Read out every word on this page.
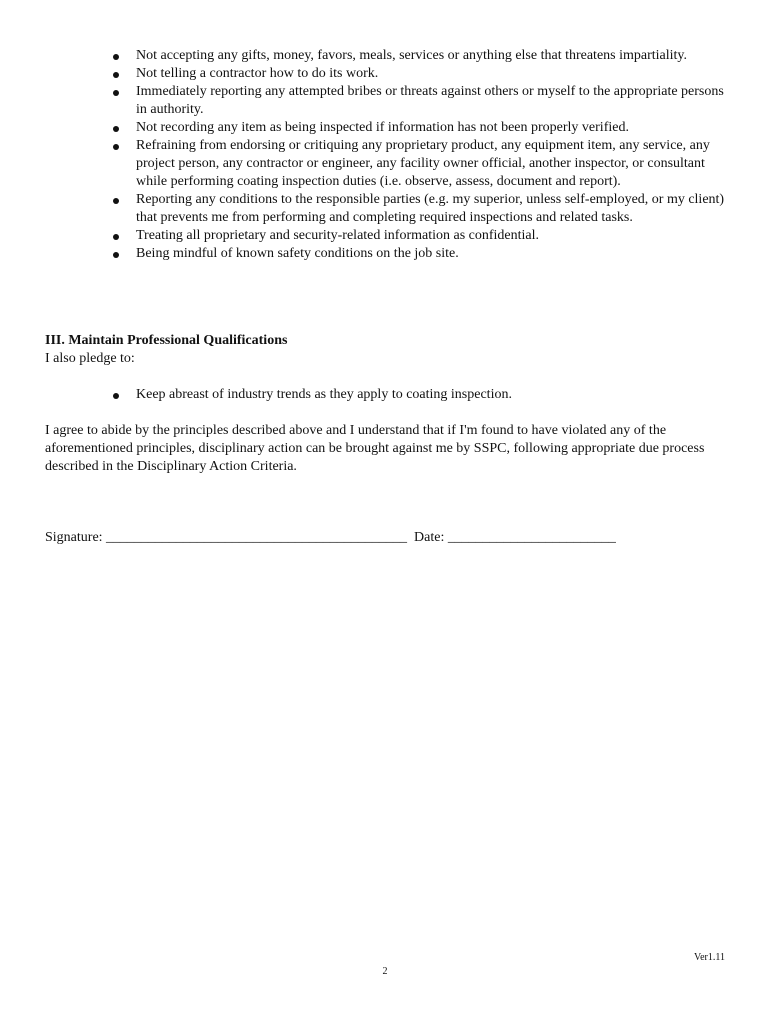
Not accepting any gifts, money, favors, meals, services or anything else that threatens impartiality.
Not telling a contractor how to do its work.
Immediately reporting any attempted bribes or threats against others or myself to the appropriate persons in authority.
Not recording any item as being inspected if information has not been properly verified.
Refraining from endorsing or critiquing any proprietary product, any equipment item, any service, any project person, any contractor or engineer, any facility owner official, another inspector, or consultant while performing coating inspection duties (i.e. observe, assess, document and report).
Reporting any conditions to the responsible parties (e.g. my superior, unless self-employed, or my client) that prevents me from performing and completing required inspections and related tasks.
Treating all proprietary and security-related information as confidential.
Being mindful of known safety conditions on the job site.
III. Maintain Professional Qualifications
I also pledge to:
Keep abreast of industry trends as they apply to coating inspection.
I agree to abide by the principles described above and I understand that if I'm found to have violated any of the aforementioned principles, disciplinary action can be brought against me by SSPC, following appropriate due process described in the Disciplinary Action Criteria.
Signature: ___________________________________________  Date: ________________________
Ver1.11
2
